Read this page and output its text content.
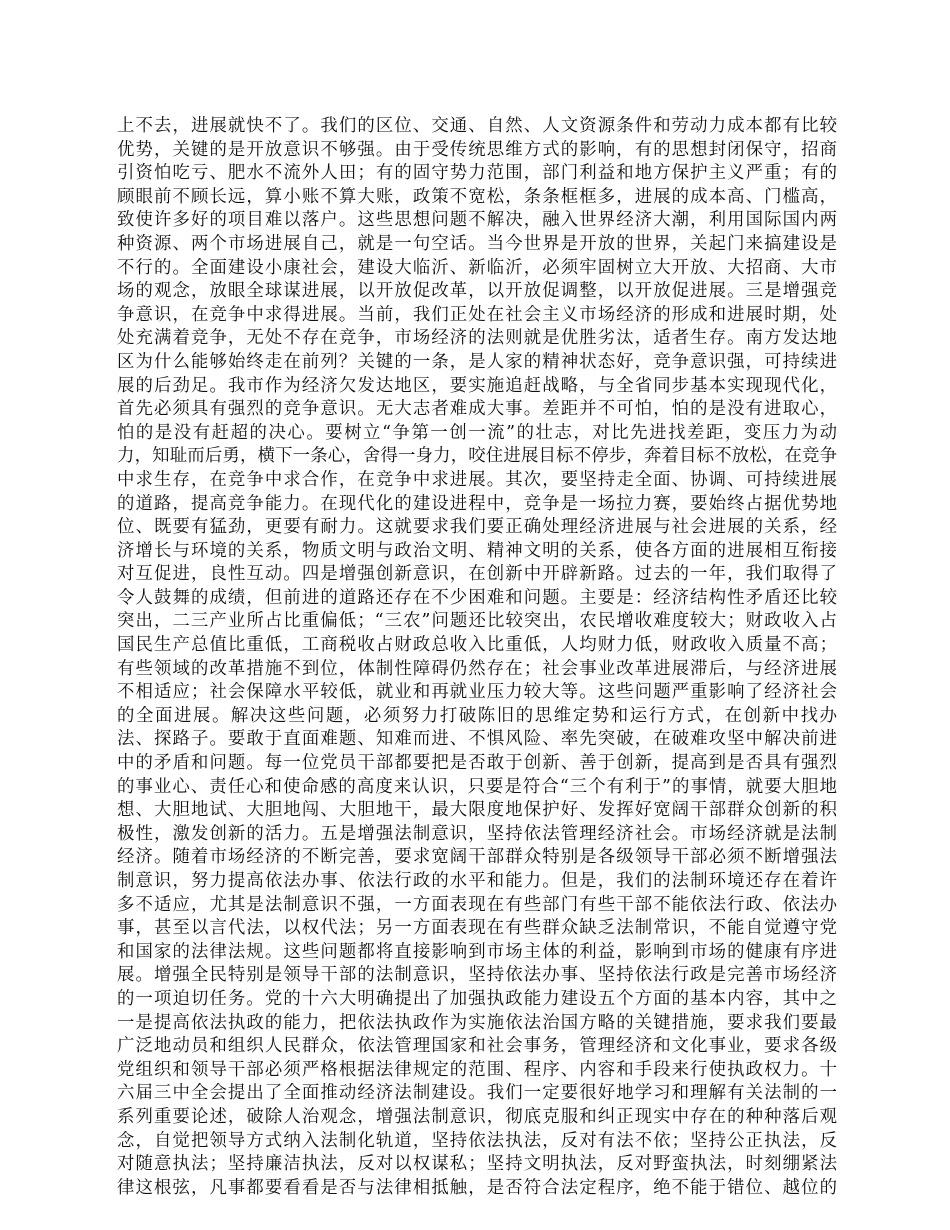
上不去，进展就快不了。我们的区位、交通、自然、人文资源条件和劳动力成本都有比较
优势，关键的是开放意识不够强。由于受传统思维方式的影响，有的思想封闭保守，招商
引资怕吃亏、肥水不流外人田；有的固守势力范围，部门利益和地方保护主义严重；有的
顾眼前不顾长远，算小账不算大账，政策不宽松，条条框框多，进展的成本高、门槛高，
致使许多好的项目难以落户。这些思想问题不解决，融入世界经济大潮，利用国际国内两
种资源、两个市场进展自己，就是一句空话。当今世界是开放的世界，关起门来搞建设是
不行的。全面建设小康社会，建设大临沂、新临沂，必须牢固树立大开放、大招商、大市
场的观念，放眼全球谋进展，以开放促改革，以开放促调整，以开放促进展。三是增强竞
争意识，在竞争中求得进展。当前，我们正处在社会主义市场经济的形成和进展时期，处
处充满着竞争，无处不存在竞争，市场经济的法则就是优胜劣汰，适者生存。南方发达地
区为什么能够始终走在前列？关键的一条，是人家的精神状态好，竞争意识强，可持续进
展的后劲足。我市作为经济欠发达地区，要实施追赶战略，与全省同步基本实现现代化，
首先必须具有强烈的竞争意识。无大志者难成大事。差距并不可怕，怕的是没有进取心，
怕的是没有赶超的决心。要树立“争第一创一流”的壮志，对比先进找差距，变压力为动
力，知耻而后勇，横下一条心，舍得一身力，咬住进展目标不停步，奔着目标不放松，在竞争
中求生存，在竞争中求合作，在竞争中求进展。其次，要坚持走全面、协调、可持续进展
的道路，提高竞争能力。在现代化的建设进程中，竞争是一场拉力赛，要始终占据优势地
位、既要有猛劲，更要有耐力。这就要求我们要正确处理经济进展与社会进展的关系，经
济增长与环境的关系，物质文明与政治文明、精神文明的关系，使各方面的进展相互衔接
对互促进，良性互动。四是增强创新意识，在创新中开辟新路。过去的一年，我们取得了
令人鼓舞的成绩，但前进的道路还存在不少困难和问题。主要是：经济结构性矛盾还比较
突出，二三产业所占比重偏低；“三农”问题还比较突出，农民增收难度较大；财政收入占
国民生产总值比重低，工商税收占财政总收入比重低，人均财力低，财政收入质量不高；
有些领域的改革措施不到位，体制性障碍仍然存在；社会事业改革进展滞后，与经济进展
不相适应；社会保障水平较低，就业和再就业压力较大等。这些问题严重影响了经济社会
的全面进展。解决这些问题，必须努力打破陈旧的思维定势和运行方式，在创新中找办
法、探路子。要敢于直面难题、知难而进、不惧风险、率先突破，在破难攻坚中解决前进
中的矛盾和问题。每一位党员干部都要把是否敢于创新、善于创新，提高到是否具有强烈
的事业心、责任心和使命感的高度来认识，只要是符合“三个有利于”的事情，就要大胆地
想、大胆地试、大胆地闯、大胆地干，最大限度地保护好、发挥好宽阔干部群众创新的积
极性，激发创新的活力。五是增强法制意识，坚持依法管理经济社会。市场经济就是法制
经济。随着市场经济的不断完善，要求宽阔干部群众特别是各级领导干部必须不断增强法
制意识，努力提高依法办事、依法行政的水平和能力。但是，我们的法制环境还存在着许
多不适应，尤其是法制意识不强，一方面表现在有些部门有些干部不能依法行政、依法办
事，甚至以言代法，以权代法；另一方面表现在有些群众缺乏法制常识，不能自觉遵守党
和国家的法律法规。这些问题都将直接影响到市场主体的利益，影响到市场的健康有序进
展。增强全民特别是领导干部的法制意识，坚持依法办事、坚持依法行政是完善市场经济
的一项迫切任务。党的十六大明确提出了加强执政能力建设五个方面的基本内容，其中之
一是提高依法执政的能力，把依法执政作为实施依法治国方略的关键措施，要求我们要最
广泛地动员和组织人民群众，依法管理国家和社会事务，管理经济和文化事业，要求各级
党组织和领导干部必须严格根据法律规定的范围、程序、内容和手段来行使执政权力。十
六届三中全会提出了全面推动经济法制建设。我们一定要很好地学习和理解有关法制的一
系列重要论述，破除人治观念，增强法制意识，彻底克服和纠正现实中存在的种种落后观
念，自觉把领导方式纳入法制化轨道，坚持依法执法，反对有法不依；坚持公正执法，反
对随意执法；坚持廉洁执法，反对以权谋私；坚持文明执法，反对野蛮执法，时刻绷紧法
律这根弦，凡事都要看看是否与法律相抵触，是否符合法定程序，绝不能于错位、越位的
